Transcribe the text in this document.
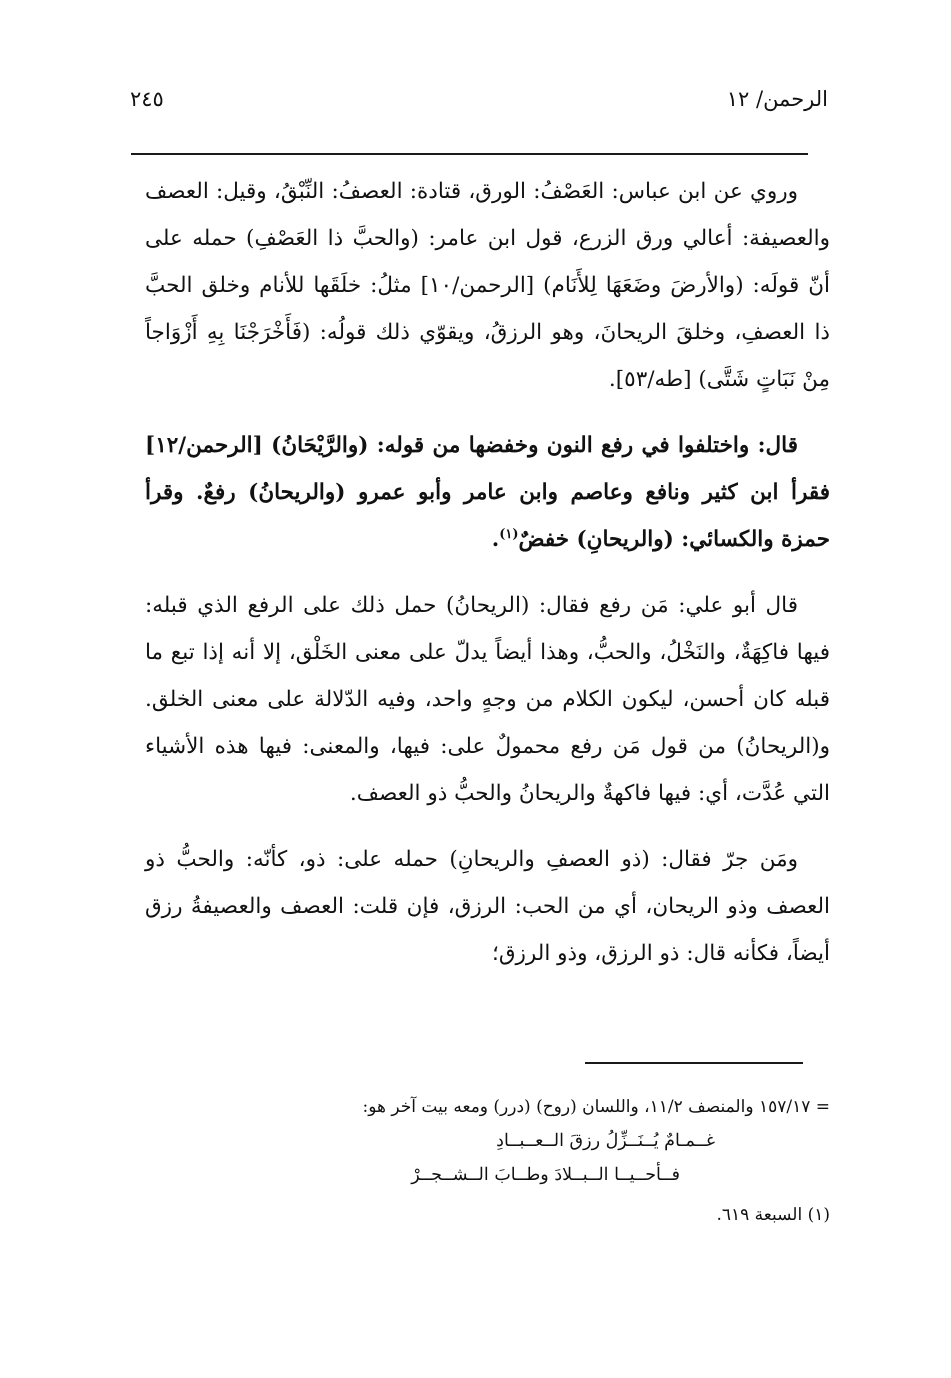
الرحمن/ ١٢
٢٤٥

وروي عن ابن عباس: العَصْفُ: الورق، قتادة: العصفُ: النِّبْقُ، وقيل: العصف والعصيفة: أعالي ورق الزرع، قول ابن عامر: (والحبَّ ذا العَصْفِ) حمله على أنّ قولَه: (والأرضَ وضَعَهَا لِلأَنَام) [الرحمن/١٠] مثلُ: خلَقَها للأنام وخلق الحبَّ ذا العصفِ، وخلقَ الريحانَ، وهو الرزقُ، ويقوّي ذلك قولُه: (فَأَخْرَجْنَا بِهِ أَزْوَاجاً مِنْ نَبَاتٍ شَتَّى) [طه/٥٣].

قال: واختلفوا في رفع النون وخفضها من قوله: (والرَّيْحَانُ) [الرحمن/١٢] فقرأ ابن كثير ونافع وعاصم وابن عامر وأبو عمرو (والريحانُ) رفعٌ. وقرأ حمزة والكسائي: (والريحانِ) خفضٌ$^{(١)}$.

قال أبو علي: مَن رفع فقال: (الريحانُ) حمل ذلك على الرفع الذي قبله: فيها فاكِهَةٌ، والنَخْلُ، والحبُّ، وهذا أيضاً يدلّ على معنى الخَلْق، إلا أنه إذا تبع ما قبله كان أحسن، ليكون الكلام من وجهٍ واحد، وفيه الدّلالة على معنى الخلق. و(الريحانُ) من قول مَن رفع محمولٌ على: فيها، والمعنى: فيها هذه الأشياء التي عُدَّت، أي: فيها فاكهةٌ والريحانُ والحبُّ ذو العصف.

ومَن جرّ فقال: (ذو العصفِ والريحانِ) حمله على: ذو، كأنّه: والحبُّ ذو العصف وذو الريحان، أي من الحب: الرزق، فإن قلت: العصف والعصيفةُ رزق أيضاً، فكأنه قال: ذو الرزق، وذو الرزق؛

= ١٥٧/١٧ والمنصف ١١/٢، واللسان (روح) (درر) ومعه بيت آخر هو:
غــمـامٌ يُــنَــزِّلُ رزقَ الــعــبــادِ
فــأحــيــا الــبــلادَ وطــابَ الــشــجــرْ
(١) السبعة ٦١٩.
